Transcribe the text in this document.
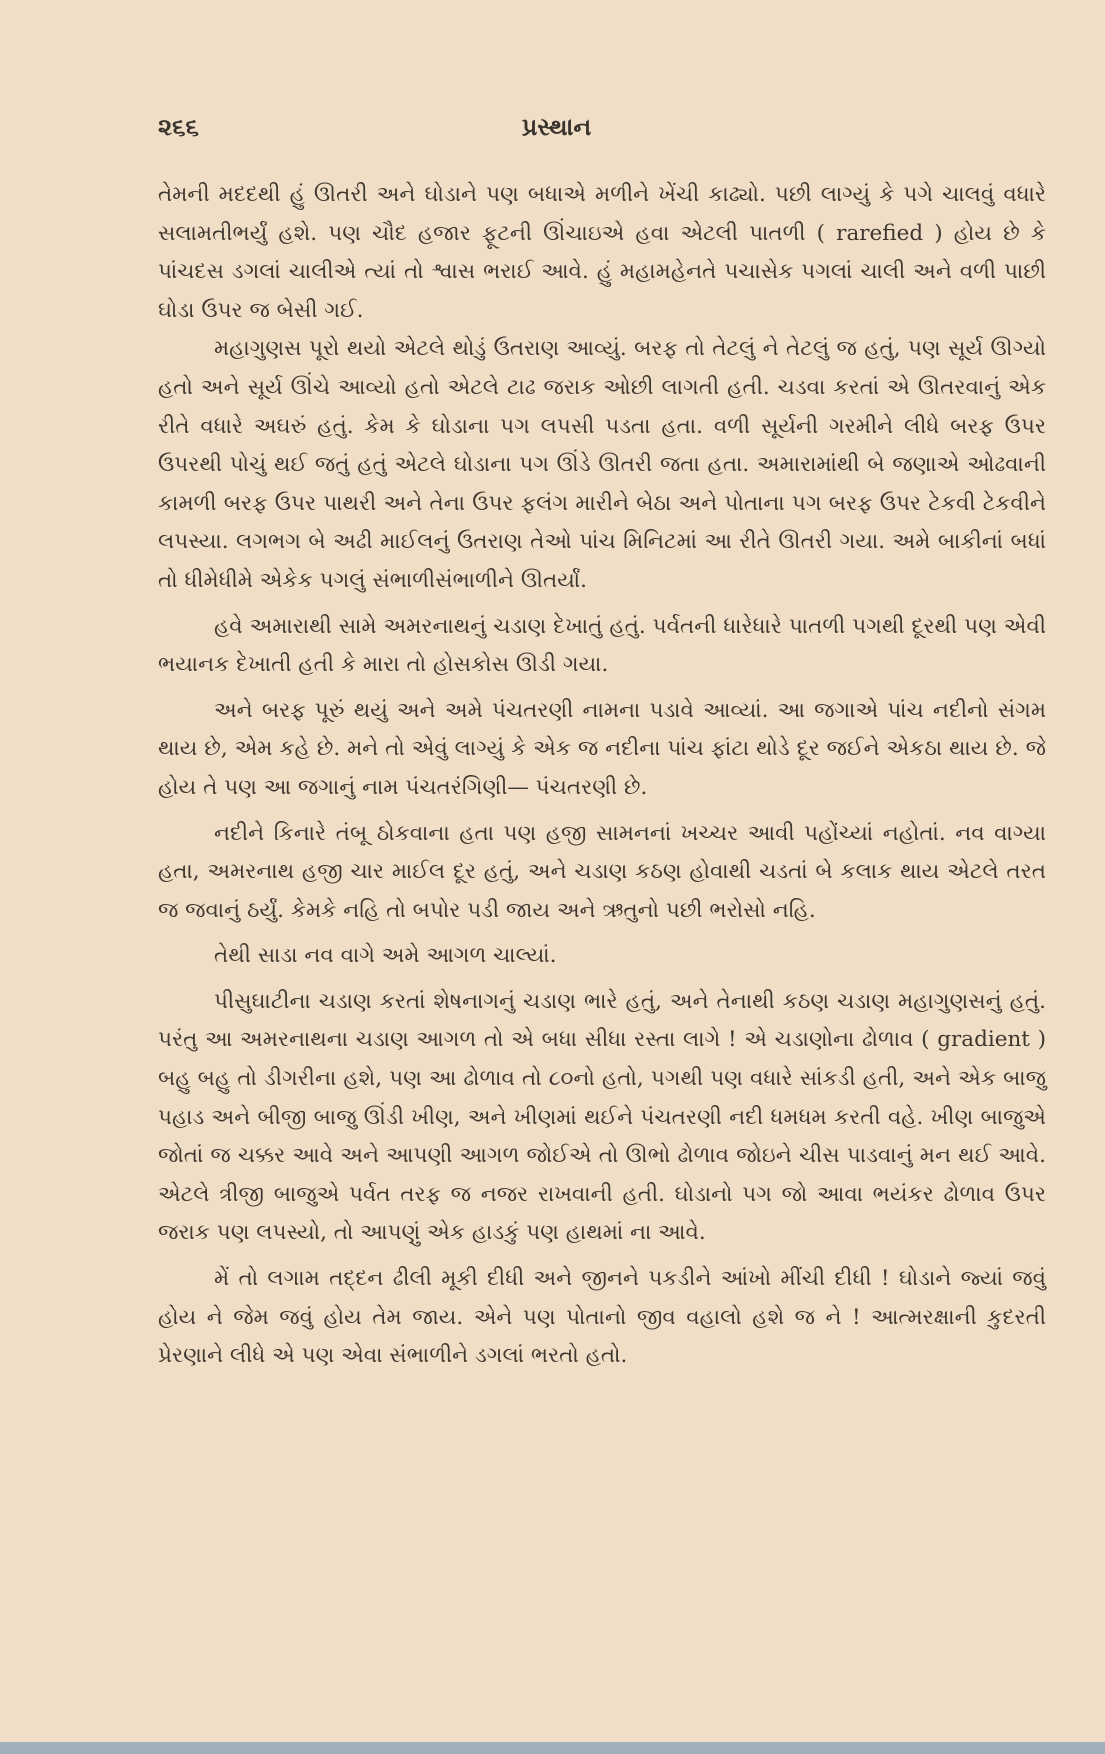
૨૬૬	પ્રસ્થાન

તેમની મદદથી હું ઊતરી અને ઘોડાને પણ બધાએ મળીને ખેંચી કાઢ્યો. પછી લાગ્યું કે પગે ચાલવું વધારે સલામતીભર્યું હશે. પણ ચૌદ હજાર ફૂટની ઊંચાઇએ હવા એટલી પાતળી ( rarefied ) હોય છે કે પાંચદસ ડગલાં ચાલીએ ત્યાં તો શ્વાસ ભરાઈ આવે. હું મહામહેનતે પચાસેક પગલાં ચાલી અને વળી પાછી ઘોડા ઉપર જ બેસી ગઈ.

મહાગુણસ પૂરો થયો એટલે થોડું ઉતરાણ આવ્યું. બરફ તો તેટલું ને તેટલું જ હતું, પણ સૂર્ય ઊગ્યો હતો અને સૂર્ય ઊંચે આવ્યો હતો એટલે ટાઢ જરાક ઓછી લાગતી હતી. ચડવા કરતાં એ ઊતરવાનું એક રીતે વધારે અઘરું હતું. કેમ કે ઘોડાના પગ લપસી પડતા હતા. વળી સૂર્યની ગરમીને લીધે બરફ ઉપર ઉપરથી પોચું થઈ જતું હતું એટલે ઘોડાના પગ ઊંડે ઊતરી જતા હતા. અમારામાંથી બે જણાએ ઓઢવાની કામળી બરફ ઉપર પાથરી અને તેના ઉપર ફલંગ મારીને બેઠા અને પોતાના પગ બરફ ઉપર ટેકવી ટેકવીને લપસ્યા. લગભગ બે અઢી માઈલનું ઉતરાણ તેઓ પાંચ મિનિટમાં આ રીતે ઊતરી ગયા. અમે બાકીનાં બધાં તો ધીમેધીમે એકેક પગલું સંભાળીસંભાળીને ઊતર્યાં.

હવે અમારાથી સામે અમરનાથનું ચડાણ દેખાતું હતું. પર્વતની ધારેધારે પાતળી પગથી દૂરથી પણ એવી ભયાનક દેખાતી હતી કે મારા તો હોસકોસ ઊડી ગયા.

અને બરફ પૂરું થયું અને અમે પંચતરણી નામના પડાવે આવ્યાં. આ જગાએ પાંચ નદીનો સંગમ થાય છે, એમ કહે છે. મને તો એવું લાગ્યું કે એક જ નદીના પાંચ ફાંટા થોડે દૂર જઈને એકઠા થાય છે. જે હોય તે પણ આ જગાનું નામ પંચતરંગિણી— પંચતરણી છે.

નદીને કિનારે તંબૂ ઠોકવાના હતા પણ હજી સામનનાં ખચ્ચર આવી પહોંચ્યાં નહોતાં. નવ વાગ્યા હતા, અમરનાથ હજી ચાર માઈલ દૂર હતું, અને ચડાણ કઠણ હોવાથી ચડતાં બે કલાક થાય એટલે તરત જ જવાનું ઠર્યું. કેમકે નહિ તો બપોર પડી જાય અને ઋતુનો પછી ભરોસો નહિ.

તેથી સાડા નવ વાગે અમે આગળ ચાલ્યાં.

પીસુઘાટીના ચડાણ કરતાં શેષનાગનું ચડાણ ભારે હતું, અને તેનાથી કઠણ ચડાણ મહાગુણસનું હતું. પરંતુ આ અમરનાથના ચડાણ આગળ તો એ બધા સીધા રસ્તા લાગે ! એ ચડાણોના ઢોળાવ ( gradient ) બહુ બહુ તો ડીગરીના હશે, પણ આ ઢોળાવ તો ૮૦નો હતો, પગથી પણ વધારે સાંકડી હતી, અને એક બાજુ પહાડ અને બીજી બાજુ ઊંડી ખીણ, અને ખીણમાં થઈને પંચતરણી નદી ધમધમ કરતી વહે. ખીણ બાજુએ જોતાં જ ચક્કર આવે અને આપણી આગળ જોઈએ તો ઊભો ઢોળાવ જોઇને ચીસ પાડવાનું મન થઈ આવે. એટલે ત્રીજી બાજુએ પર્વત તરફ જ નજર રાખવાની હતી. ઘોડાનો પગ જો આવા ભયંકર ઢોળાવ ઉપર જરાક પણ લપસ્યો, તો આપણું એક હાડકું પણ હાથમાં ના આવે.

મેં તો લગામ તદ્દન ઢીલી મૂકી દીધી અને જીનને પકડીને આંખો મીંચી દીધી ! ઘોડાને જ્યાં જવું હોય ને જેમ જવું હોય તેમ જાય. એને પણ પોતાનો જીવ વહાલો હશે જ ને ! આત્મરક્ષાની કુદરતી પ્રેરણાને લીધે એ પણ એવા સંભાળીને ડગલાં ભરતો હતો.
